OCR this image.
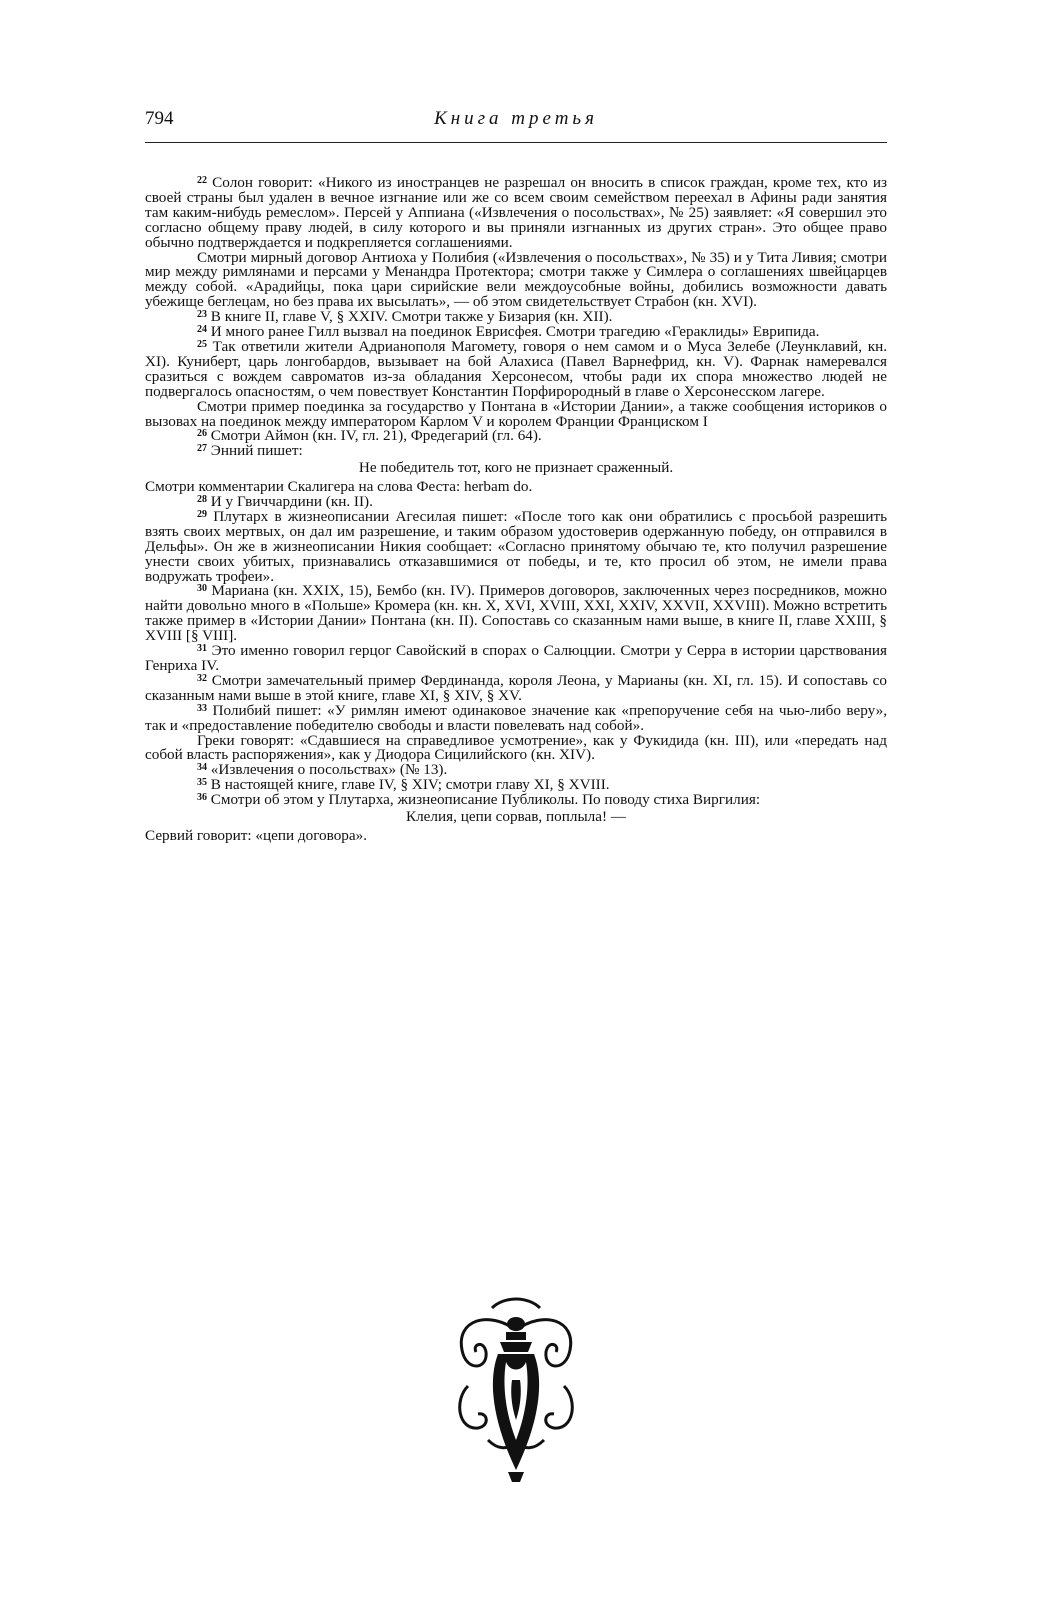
794	Книга третья

$^{22}$ Солон говорит: «Никого из иностранцев не разрешал он вносить в список граждан, кроме тех, кто из своей страны был удален в вечное изгнание или же со всем своим семейством переехал в Афины ради занятия там каким-нибудь ремеслом». Персей у Аппиана («Извлечения о посольствах», № 25) заявляет: «Я совершил это согласно общему праву людей, в силу которого и вы приняли изгнанных из других стран». Это общее право обычно подтверждается и подкрепляется соглашениями.

Смотри мирный договор Антиоха у Полибия («Извлечения о посольствах», № 35) и у Тита Ливия; смотри мир между римлянами и персами у Менандра Протектора; смотри также у Симлера о соглашениях швейцарцев между собой. «Арадийцы, пока цари сирийские вели междоусобные войны, добились возможности давать убежище беглецам, но без права их высылать», — об этом свидетельствует Страбон (кн. XVI).

$^{23}$ В книге II, главе V, § XXIV. Смотри также у Бизария (кн. XII).

$^{24}$ И много ранее Гилл вызвал на поединок Еврисфея. Смотри трагедию «Гераклиды» Еврипида.

$^{25}$ Так ответили жители Адрианополя Магомету, говоря о нем самом и о Муса Зелебе (Леунклавий, кн. XI). Куниберт, царь лонгобардов, вызывает на бой Алахиса (Павел Варнефрид, кн. V). Фарнак намеревался сразиться с вождем савроматов из-за обладания Херсонесом, чтобы ради их спора множество людей не подвергалось опасностям, о чем повествует Константин Порфирородный в главе о Херсонесском лагере.

Смотри пример поединка за государство у Понтана в «Истории Дании», а также сообщения историков о вызовах на поединок между императором Карлом V и королем Франции Франциском I

$^{26}$ Смотри Аймон (кн. IV, гл. 21), Фредегарий (гл. 64).

$^{27}$ Энний пишет:

Не победитель тот, кого не признает сраженный.

Смотри комментарии Скалигера на слова Феста: herbam do.

$^{28}$ И у Гвиччардини (кн. II).

$^{29}$ Плутарх в жизнеописании Агесилая пишет: «После того как они обратились с просьбой разрешить взять своих мертвых, он дал им разрешение, и таким образом удостоверив одержанную победу, он отправился в Дельфы». Он же в жизнеописании Никия сообщает: «Согласно принятому обычаю те, кто получил разрешение унести своих убитых, признавались отказавшимися от победы, и те, кто просил об этом, не имели права водружать трофеи».

$^{30}$ Мариана (кн. XXIX, 15), Бембо (кн. IV). Примеров договоров, заключенных через посредников, можно найти довольно много в «Польше» Кромера (кн. кн. X, XVI, XVIII, XXI, XXIV, XXVII, XXVIII). Можно встретить также пример в «Истории Дании» Понтана (кн. II). Сопоставь со сказанным нами выше, в книге II, главе XXIII, § XVIII [§ VIII].

$^{31}$ Это именно говорил герцог Савойский в спорах о Салюцции. Смотри у Серра в истории царствования Генриха IV.

$^{32}$ Смотри замечательный пример Фердинанда, короля Леона, у Марианы (кн. XI, гл. 15). И сопоставь со сказанным нами выше в этой книге, главе XI, § XIV, § XV.

$^{33}$ Полибий пишет: «У римлян имеют одинаковое значение как «препоручение себя на чью-либо веру», так и «предоставление победителю свободы и власти повелевать над собой».

Греки говорят: «Сдавшиеся на справедливое усмотрение», как у Фукидида (кн. III), или «передать над собой власть распоряжения», как у Диодора Сицилийского (кн. XIV).

$^{34}$ «Извлечения о посольствах» (№ 13).

$^{35}$ В настоящей книге, главе IV, § XIV; смотри главу XI, § XVIII.

$^{36}$ Смотри об этом у Плутарха, жизнеописание Публиколы. По поводу стиха Виргилия:

Клелия, цепи сорвав, поплыла! —

Сервий говорит: «цепи договора».
